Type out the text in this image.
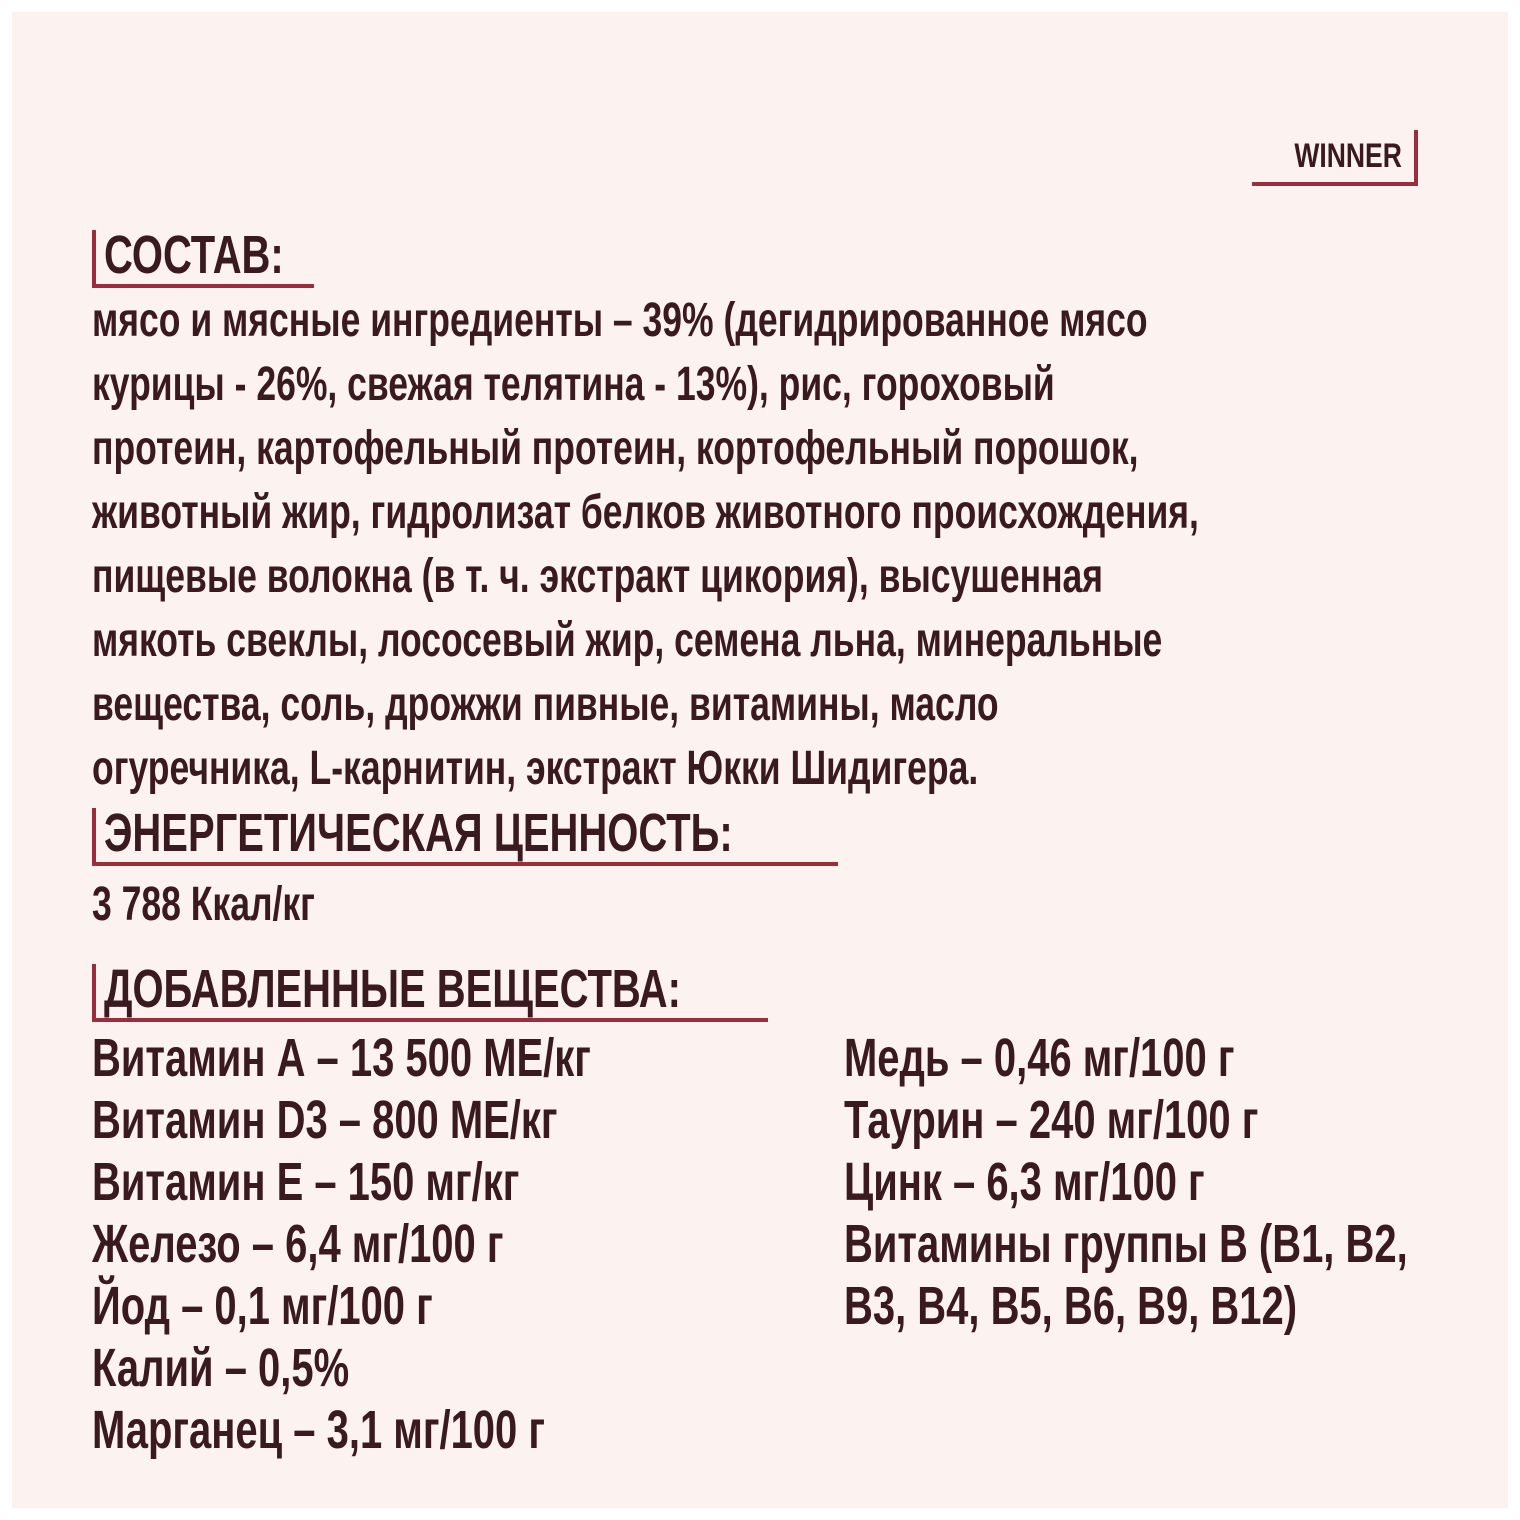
WINNER
СОСТАВ:
мясо и мясные ингредиенты – 39% (дегидрированное мясо
курицы - 26%, свежая телятина - 13%), рис, гороховый
протеин, картофельный протеин, кортофельный порошок,
животный жир, гидролизат белков животного происхождения,
пищевые волокна (в т. ч. экстракт цикория), высушенная
мякоть свеклы, лососевый жир, семена льна, минеральные
вещества, соль, дрожжи пивные, витамины, масло
огуречника, L-карнитин, экстракт Юкки Шидигера.
ЭНЕРГЕТИЧЕСКАЯ ЦЕННОСТЬ:
3 788 Ккал/кг
ДОБАВЛЕННЫЕ ВЕЩЕСТВА:
Витамин А – 13 500 МЕ/кг
Витамин D3 – 800 МЕ/кг
Витамин Е – 150 мг/кг
Железо – 6,4 мг/100 г
Йод – 0,1 мг/100 г
Калий – 0,5%
Марганец – 3,1 мг/100 г
Медь – 0,46 мг/100 г
Таурин – 240 мг/100 г
Цинк – 6,3 мг/100 г
Витамины группы В (В1, В2,
В3, В4, В5, В6, В9, В12)
